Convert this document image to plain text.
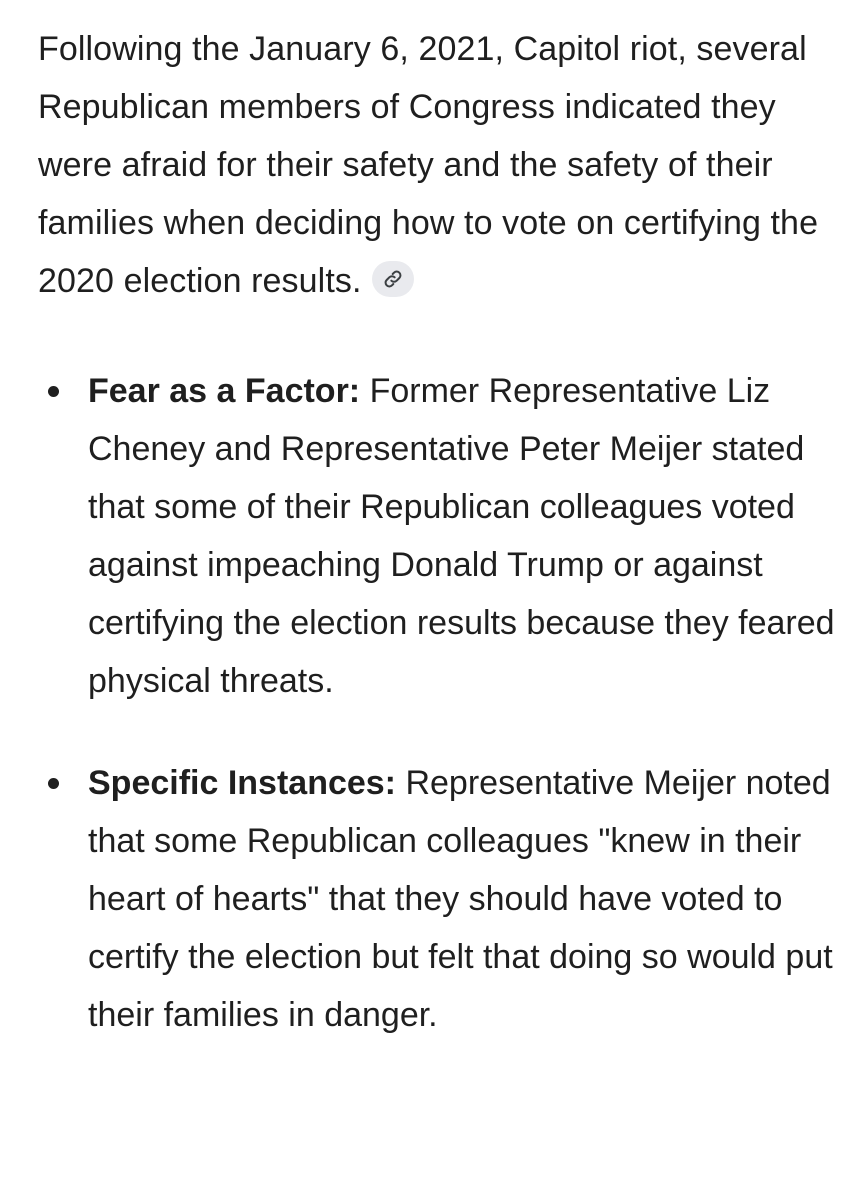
Following the January 6, 2021, Capitol riot, several Republican members of Congress indicated they were afraid for their safety and the safety of their families when deciding how to vote on certifying the 2020 election results.

Fear as a Factor: Former Representative Liz Cheney and Representative Peter Meijer stated that some of their Republican colleagues voted against impeaching Donald Trump or against certifying the election results because they feared physical threats.
Specific Instances: Representative Meijer noted that some Republican colleagues "knew in their heart of hearts" that they should have voted to certify the election but felt that doing so would put their families in danger.
